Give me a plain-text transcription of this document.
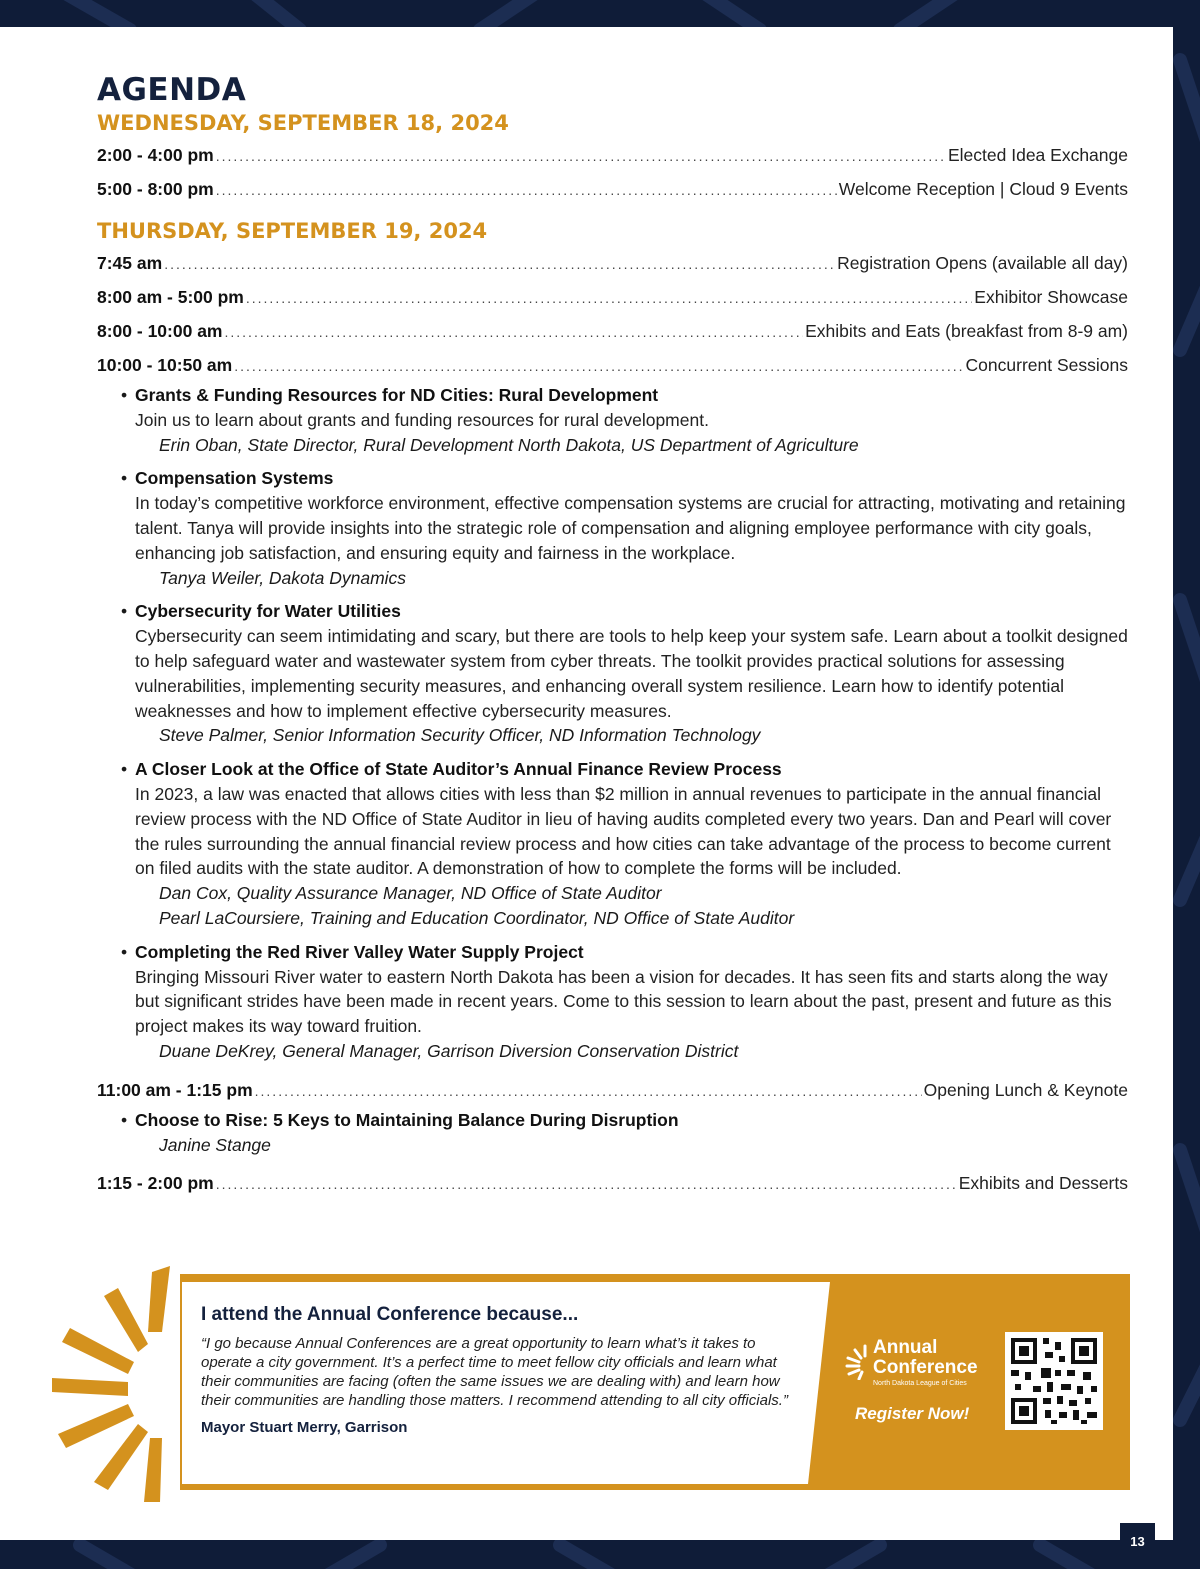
AGENDA
WEDNESDAY, SEPTEMBER 18, 2024
2:00 - 4:00 pm .....	Elected Idea Exchange
5:00 - 8:00 pm .....	Welcome Reception | Cloud 9 Events
THURSDAY, SEPTEMBER 19, 2024
7:45 am .....	Registration Opens (available all day)
8:00 am - 5:00 pm .....	Exhibitor Showcase
8:00 - 10:00 am .....	Exhibits and Eats (breakfast from 8-9 am)
10:00 - 10:50 am .....	Concurrent Sessions
• Grants & Funding Resources for ND Cities: Rural Development
Join us to learn about grants and funding resources for rural development.
Erin Oban, State Director, Rural Development North Dakota, US Department of Agriculture
• Compensation Systems
In today’s competitive workforce environment, effective compensation systems are crucial for attracting, motivating and retaining talent. Tanya will provide insights into the strategic role of compensation and aligning employee performance with city goals, enhancing job satisfaction, and ensuring equity and fairness in the workplace.
Tanya Weiler, Dakota Dynamics
• Cybersecurity for Water Utilities
Cybersecurity can seem intimidating and scary, but there are tools to help keep your system safe. Learn about a toolkit designed to help safeguard water and wastewater system from cyber threats. The toolkit provides practical solutions for assessing vulnerabilities, implementing security measures, and enhancing overall system resilience. Learn how to identify potential weaknesses and how to implement effective cybersecurity measures.
Steve Palmer, Senior Information Security Officer, ND Information Technology
• A Closer Look at the Office of State Auditor’s Annual Finance Review Process
In 2023, a law was enacted that allows cities with less than $2 million in annual revenues to participate in the annual financial review process with the ND Office of State Auditor in lieu of having audits completed every two years. Dan and Pearl will cover the rules surrounding the annual financial review process and how cities can take advantage of the process to become current on filed audits with the state auditor. A demonstration of how to complete the forms will be included.
Dan Cox, Quality Assurance Manager, ND Office of State Auditor
Pearl LaCoursiere, Training and Education Coordinator, ND Office of State Auditor
• Completing the Red River Valley Water Supply Project
Bringing Missouri River water to eastern North Dakota has been a vision for decades. It has seen fits and starts along the way but significant strides have been made in recent years. Come to this session to learn about the past, present and future as this project makes its way toward fruition.
Duane DeKrey, General Manager, Garrison Diversion Conservation District
11:00 am - 1:15 pm .....	Opening Lunch & Keynote
• Choose to Rise: 5 Keys to Maintaining Balance During Disruption
Janine Stange
1:15 - 2:00 pm .....	Exhibits and Desserts

I attend the Annual Conference because...

“I go because Annual Conferences are a great opportunity to learn what’s it takes to operate a city government. It’s a perfect time to meet fellow city officials and learn what their communities are facing (often the same issues we are dealing with) and learn how their communities are handling those matters. I recommend attending to all city officials.”

Mayor Stuart Merry, Garrison
Annual
Conference
North Dakota League of Cities
Register Now!
13
